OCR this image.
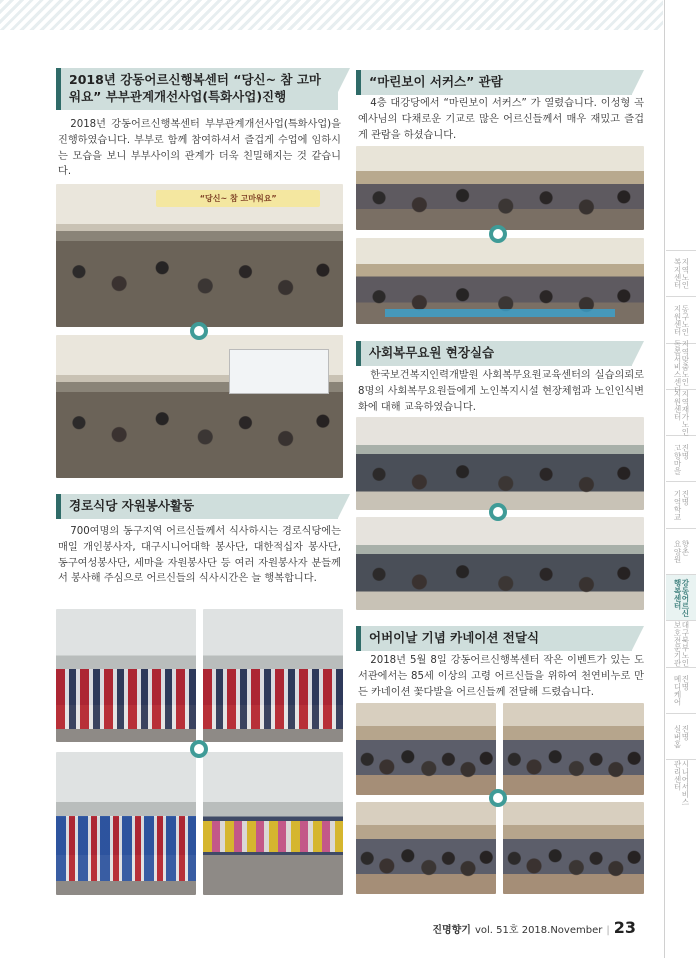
2018년 강동어르신행복센터 “당신~ 참 고마워요” 부부관계개선사업(특화사업)진행

2018년 강동어르신행복센터 부부관계개선사업(특화사업)을 진행하였습니다. 부부로 함께 참여하셔서 즐겁게 수업에 임하시는 모습을 보니 부부사이의 관계가 더욱 친밀해지는 것 같습니다.

“당신~ 참 고마워요”
경로식당 자원봉사활동

700여명의 동구지역 어르신들께서 식사하시는 경로식당에는 매일 개인봉사자, 대구시니어대학 봉사단, 대한적십자 봉사단, 동구여성봉사단, 세마을 자원봉사단 등 여러 자원봉사자 분들께서 봉사해 주심으로 어르신들의 식사시간은 늘 행복합니다.

“마린보이 서커스” 관람

4층 대강당에서 “마린보이 서커스” 가 열렸습니다. 이성형 곡예사님의 다채로운 기교로 많은 어르신들께서 매우 재밌고 즐겁게 관람을 하셨습니다.

사회복무요원 현장실습

한국보건복지인력개발원 사회복무요원교육센터의 실습의뢰로 8명의 사회복무요원들에게 노인복지시설 현장체험과 노인인식변화에 대해 교육하였습니다.

어버이날 기념 카네이션 전달식

2018년 5월 8일 강동어르신행복센터 작은 이벤트가 있는 도서관에서는 85세 이상의 고령 어르신들을 위하여 천연비누로 만든 카네이션 꽃다발을 어르신들께 전달해 드렸습니다.

지역노인
복지센터
동구노인
지원센터
지역맞춤노인
돌봄서비스센터
지역재가노인
지원센터
진명
고향마을
진명
기억학교
향촌
요양원
강동어르신
행복센터
대구북부노인
보호전문기관
진명
메디케어
진명
실버홈
시니어서비스
관리센터
진명향기 vol. 51호 2018.November | 23
